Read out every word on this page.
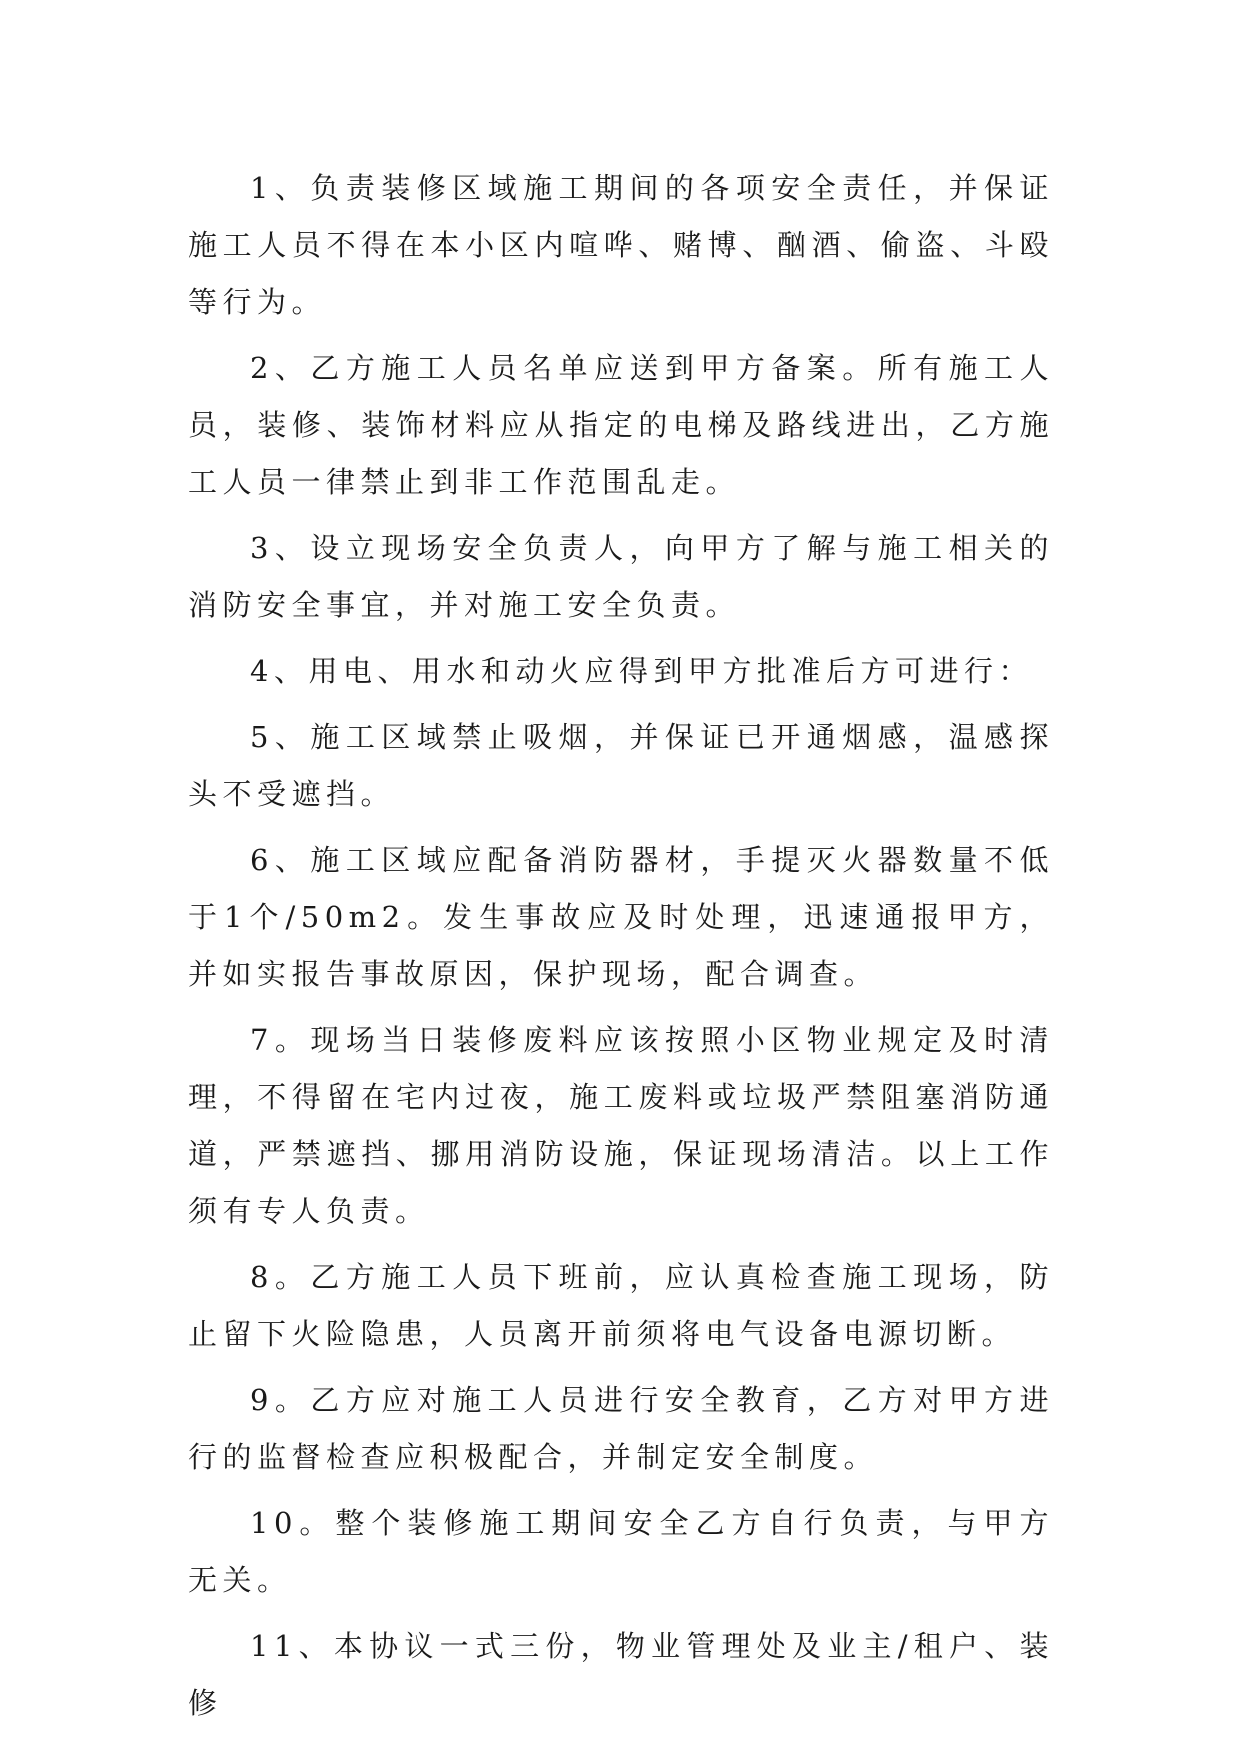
1、负责装修区域施工期间的各项安全责任，并保证施工人员不得在本小区内喧哗、赌博、酗酒、偷盗、斗殴等行为。

2、乙方施工人员名单应送到甲方备案。所有施工人员，装修、装饰材料应从指定的电梯及路线进出，乙方施工人员一律禁止到非工作范围乱走。

3、设立现场安全负责人，向甲方了解与施工相关的消防安全事宜，并对施工安全负责。

4、用电、用水和动火应得到甲方批准后方可进行：

5、施工区域禁止吸烟，并保证已开通烟感，温感探头不受遮挡。

6、施工区域应配备消防器材，手提灭火器数量不低于1个/50m2。发生事故应及时处理，迅速通报甲方，并如实报告事故原因，保护现场，配合调查。

7。现场当日装修废料应该按照小区物业规定及时清理，不得留在宅内过夜，施工废料或垃圾严禁阻塞消防通道，严禁遮挡、挪用消防设施，保证现场清洁。以上工作须有专人负责。

8。乙方施工人员下班前，应认真检查施工现场，防止留下火险隐患，人员离开前须将电气设备电源切断。

9。乙方应对施工人员进行安全教育，乙方对甲方进行的监督检查应积极配合，并制定安全制度。

10。整个装修施工期间安全乙方自行负责，与甲方无关。

11、本协议一式三份，物业管理处及业主/租户、装修
